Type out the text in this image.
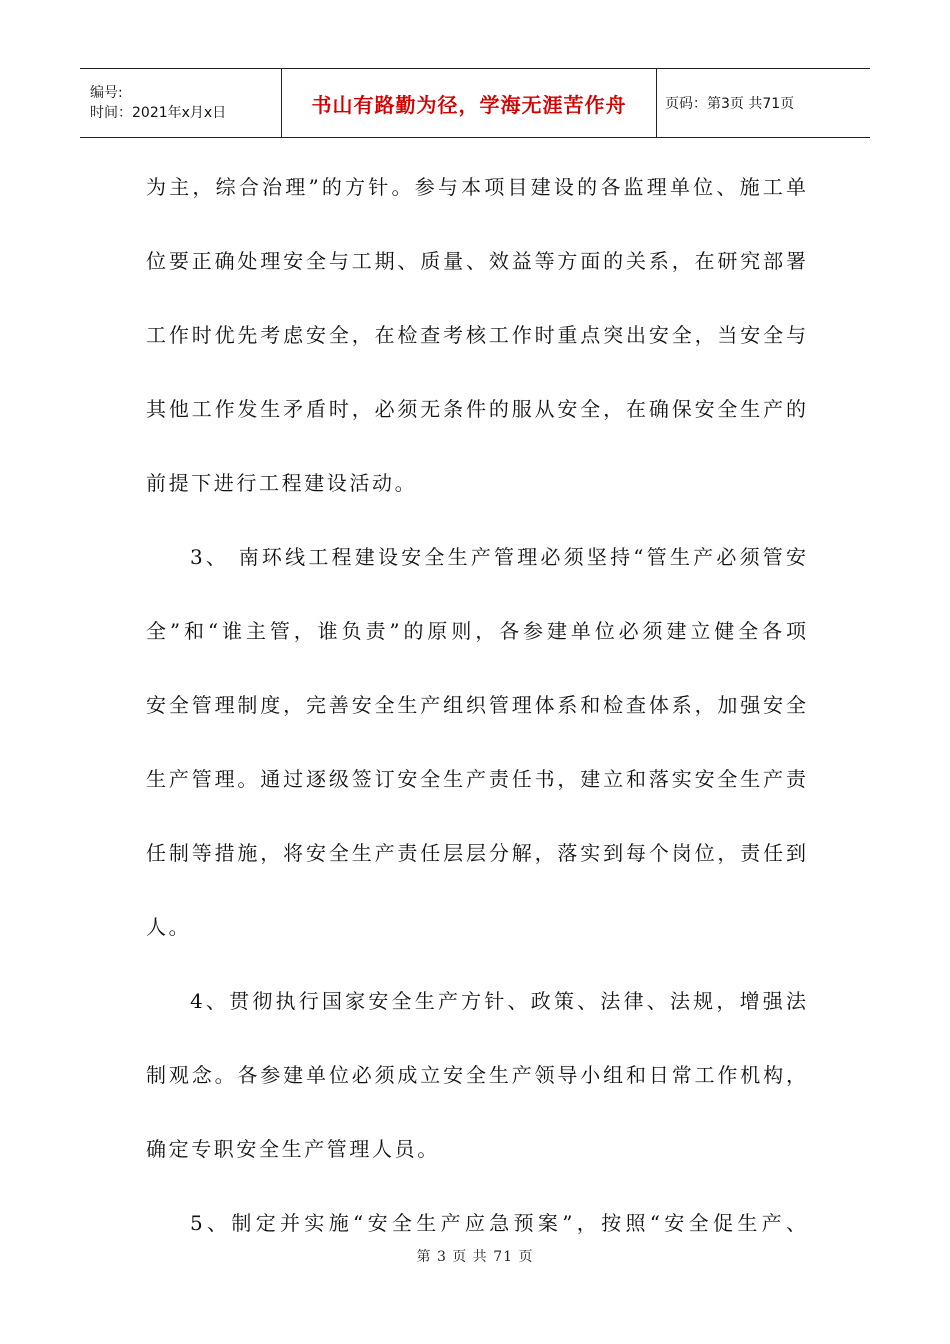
编号:
时间：2021年x月x日	书山有路勤为径，学海无涯苦作舟	页码：第3页 共71页
为主，综合治理”的方针。参与本项目建设的各监理单位、施工单
位要正确处理安全与工期、质量、效益等方面的关系，在研究部署
工作时优先考虑安全，在检查考核工作时重点突出安全，当安全与
其他工作发生矛盾时，必须无条件的服从安全，在确保安全生产的
前提下进行工程建设活动。
3、 南环线工程建设安全生产管理必须坚持“管生产必须管安
全”和“谁主管，谁负责”的原则，各参建单位必须建立健全各项
安全管理制度，完善安全生产组织管理体系和检查体系，加强安全
生产管理。通过逐级签订安全生产责任书，建立和落实安全生产责
任制等措施，将安全生产责任层层分解，落实到每个岗位，责任到
人。
4、贯彻执行国家安全生产方针、政策、法律、法规，增强法
制观念。各参建单位必须成立安全生产领导小组和日常工作机构，
确定专职安全生产管理人员。
5、制定并实施“安全生产应急预案”，按照“安全促生产、
第 3 页 共 71 页
